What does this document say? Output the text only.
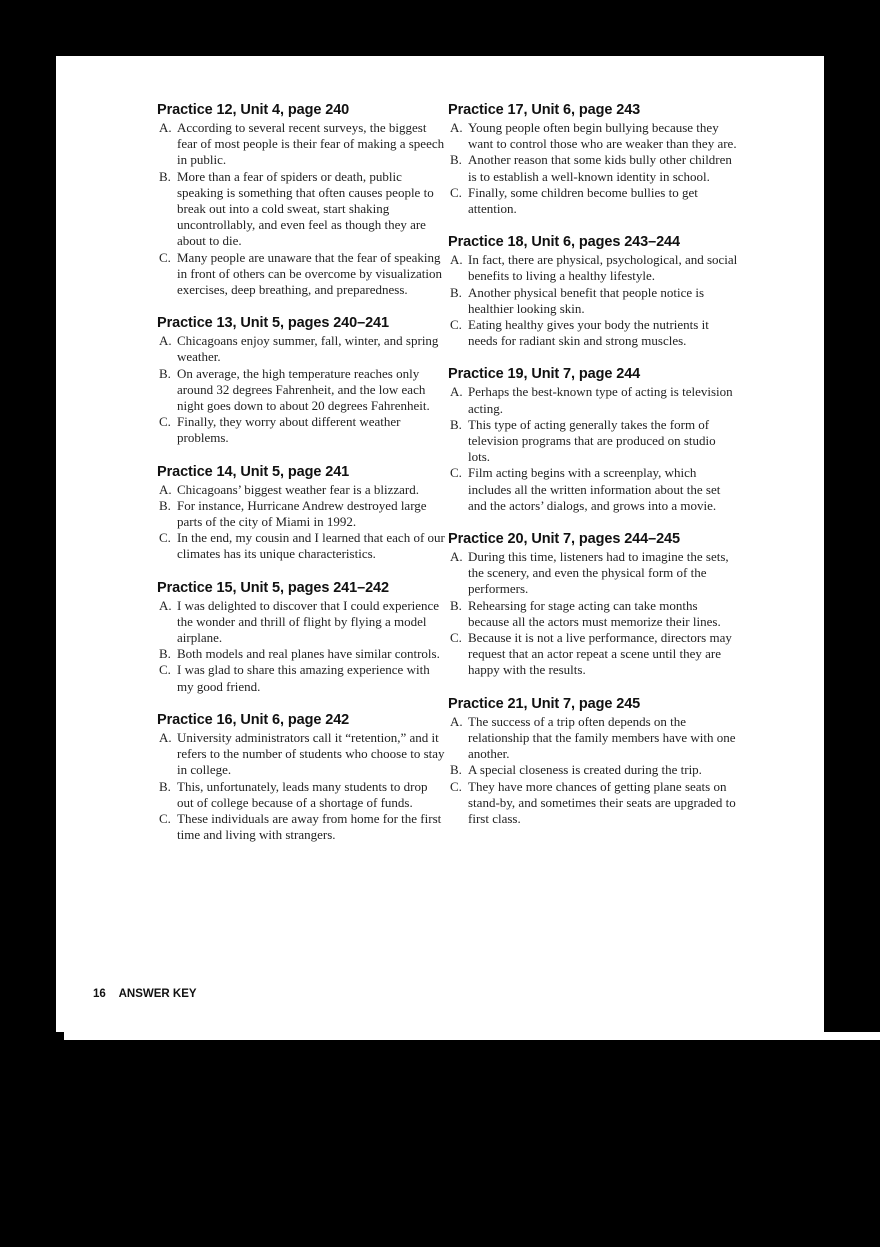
Practice 12, Unit 4, page 240
A. According to several recent surveys, the biggest fear of most people is their fear of making a speech in public.
B. More than a fear of spiders or death, public speaking is something that often causes people to break out into a cold sweat, start shaking uncontrollably, and even feel as though they are about to die.
C. Many people are unaware that the fear of speaking in front of others can be overcome by visualization exercises, deep breathing, and preparedness.
Practice 13, Unit 5, pages 240–241
A. Chicagoans enjoy summer, fall, winter, and spring weather.
B. On average, the high temperature reaches only around 32 degrees Fahrenheit, and the low each night goes down to about 20 degrees Fahrenheit.
C. Finally, they worry about different weather problems.
Practice 14, Unit 5, page 241
A. Chicagoans’ biggest weather fear is a blizzard.
B. For instance, Hurricane Andrew destroyed large parts of the city of Miami in 1992.
C. In the end, my cousin and I learned that each of our climates has its unique characteristics.
Practice 15, Unit 5, pages 241–242
A. I was delighted to discover that I could experience the wonder and thrill of flight by flying a model airplane.
B. Both models and real planes have similar controls.
C. I was glad to share this amazing experience with my good friend.
Practice 16, Unit 6, page 242
A. University administrators call it “retention,” and it refers to the number of students who choose to stay in college.
B. This, unfortunately, leads many students to drop out of college because of a shortage of funds.
C. These individuals are away from home for the first time and living with strangers.
Practice 17, Unit 6, page 243
A. Young people often begin bullying because they want to control those who are weaker than they are.
B. Another reason that some kids bully other children is to establish a well-known identity in school.
C. Finally, some children become bullies to get attention.
Practice 18, Unit 6, pages 243–244
A. In fact, there are physical, psychological, and social benefits to living a healthy lifestyle.
B. Another physical benefit that people notice is healthier looking skin.
C. Eating healthy gives your body the nutrients it needs for radiant skin and strong muscles.
Practice 19, Unit 7, page 244
A. Perhaps the best-known type of acting is television acting.
B. This type of acting generally takes the form of television programs that are produced on studio lots.
C. Film acting begins with a screenplay, which includes all the written information about the set and the actors’ dialogs, and grows into a movie.
Practice 20, Unit 7, pages 244–245
A. During this time, listeners had to imagine the sets, the scenery, and even the physical form of the performers.
B. Rehearsing for stage acting can take months because all the actors must memorize their lines.
C. Because it is not a live performance, directors may request that an actor repeat a scene until they are happy with the results.
Practice 21, Unit 7, page 245
A. The success of a trip often depends on the relationship that the family members have with one another.
B. A special closeness is created during the trip.
C. They have more chances of getting plane seats on stand-by, and sometimes their seats are upgraded to first class.
16 ANSWER KEY
